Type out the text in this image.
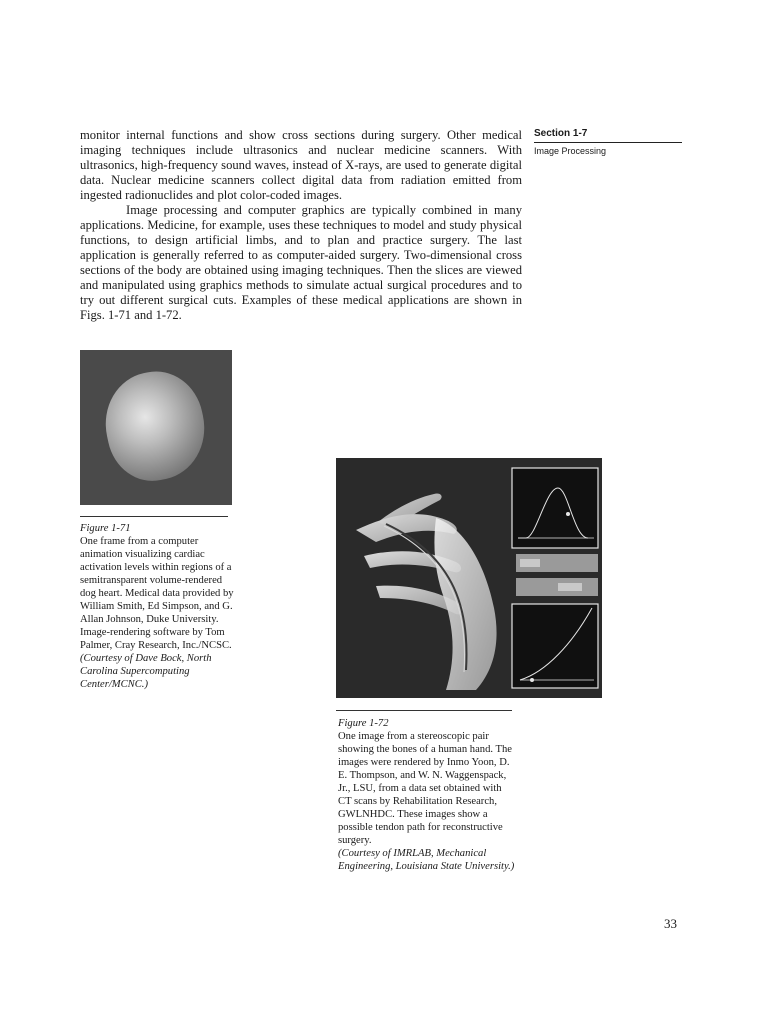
Section 1-7
Image Processing

monitor internal functions and show cross sections during surgery. Other medical imaging techniques include ultrasonics and nuclear medicine scanners. With ultrasonics, high-frequency sound waves, instead of X-rays, are used to generate digital data. Nuclear medicine scanners collect digital data from radiation emitted from ingested radionuclides and plot color-coded images.

Image processing and computer graphics are typically combined in many applications. Medicine, for example, uses these techniques to model and study physical functions, to design artificial limbs, and to plan and practice surgery. The last application is generally referred to as computer-aided surgery. Two-dimensional cross sections of the body are obtained using imaging techniques. Then the slices are viewed and manipulated using graphics methods to simulate actual surgical procedures and to try out different surgical cuts. Examples of these medical applications are shown in Figs. 1-71 and 1-72.

Figure 1-71
One frame from a computer animation visualizing cardiac activation levels within regions of a semitransparent volume-rendered dog heart. Medical data provided by William Smith, Ed Simpson, and G. Allan Johnson, Duke University. Image-rendering software by Tom Palmer, Cray Research, Inc./NCSC.
(Courtesy of Dave Bock, North Carolina Supercomputing Center/MCNC.)
Figure 1-72
One image from a stereoscopic pair showing the bones of a human hand. The images were rendered by Inmo Yoon, D. E. Thompson, and W. N. Waggenspack, Jr., LSU, from a data set obtained with CT scans by Rehabilitation Research, GWLNHDC. These images show a possible tendon path for reconstructive surgery.
(Courtesy of IMRLAB, Mechanical Engineering, Louisiana State University.)
33
